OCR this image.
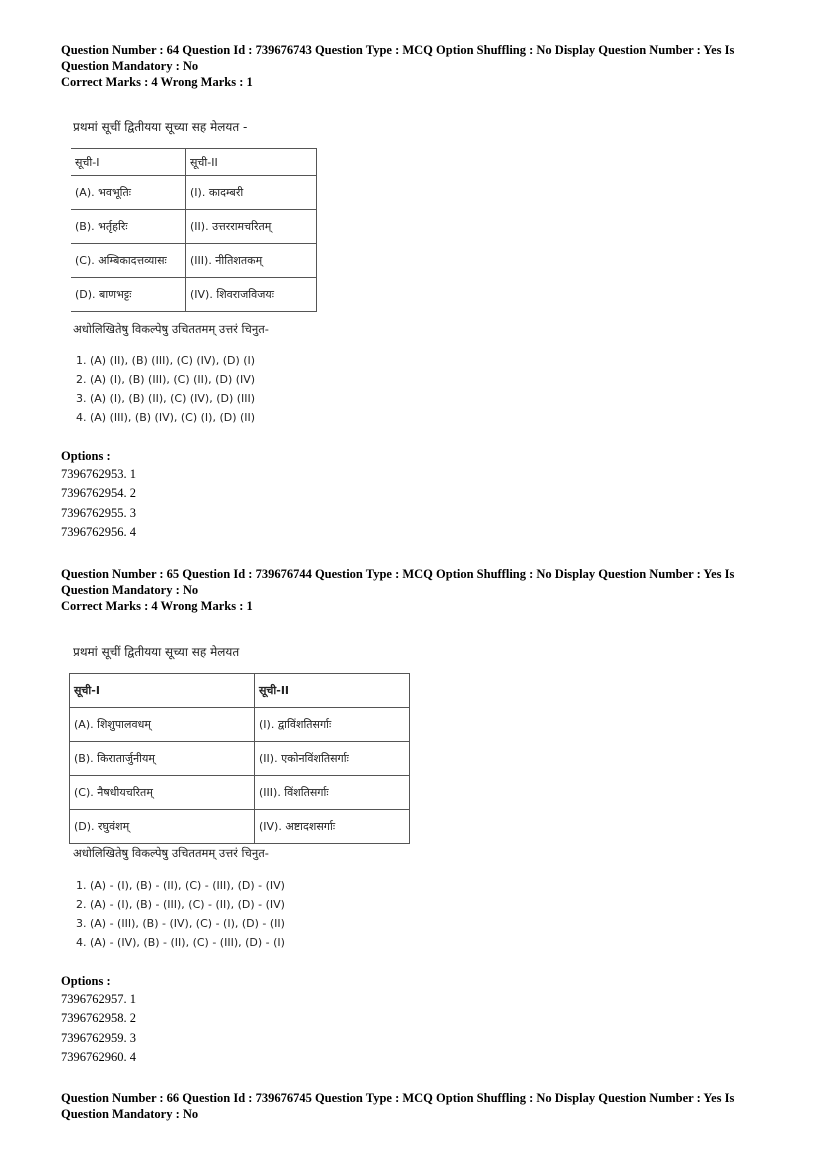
Question Number : 64 Question Id : 739676743 Question Type : MCQ Option Shuffling : No Display Question Number : Yes Is
Question Mandatory : No
Correct Marks : 4 Wrong Marks : 1
प्रथमां सूचीं द्वितीयया सूच्या सह मेलयत -
सूची-I	सूची-II
(A). भवभूतिः	(I). कादम्बरी
(B). भर्तृहरिः	(II). उत्तररामचरितम्
(C). अम्बिकादत्तव्यासः	(III). नीतिशतकम्
(D). बाणभट्टः	(IV). शिवराजविजयः
अधोलिखितेषु विकल्पेषु उचिततमम् उत्तरं चिनुत-
1. (A) (II), (B) (III), (C) (IV), (D) (I)
2. (A) (I), (B) (III), (C) (II), (D) (IV)
3. (A) (I), (B) (II), (C) (IV), (D) (III)
4. (A) (III), (B) (IV), (C) (I), (D) (II)
Options :
7396762953. 1
7396762954. 2
7396762955. 3
7396762956. 4
Question Number : 65 Question Id : 739676744 Question Type : MCQ Option Shuffling : No Display Question Number : Yes Is
Question Mandatory : No
Correct Marks : 4 Wrong Marks : 1
प्रथमां सूचीं द्वितीयया सूच्या सह मेलयत
सूची-I	सूची-II
(A). शिशुपालवधम्	(I). द्वाविंशतिसर्गाः
(B). किरातार्जुनीयम्	(II). एकोनविंशतिसर्गाः
(C). नैषधीयचरितम्	(III). विंशतिसर्गाः
(D). रघुवंशम्	(IV). अष्टादशसर्गाः
अधोलिखितेषु विकल्पेषु उचिततमम् उत्तरं चिनुत-
1. (A) - (I), (B) - (II), (C) - (III), (D) - (IV)
2. (A) - (I), (B) - (III), (C) - (II), (D) - (IV)
3. (A) - (III), (B) - (IV), (C) - (I), (D) - (II)
4. (A) - (IV), (B) - (II), (C) - (III), (D) - (I)
Options :
7396762957. 1
7396762958. 2
7396762959. 3
7396762960. 4
Question Number : 66 Question Id : 739676745 Question Type : MCQ Option Shuffling : No Display Question Number : Yes Is
Question Mandatory : No
